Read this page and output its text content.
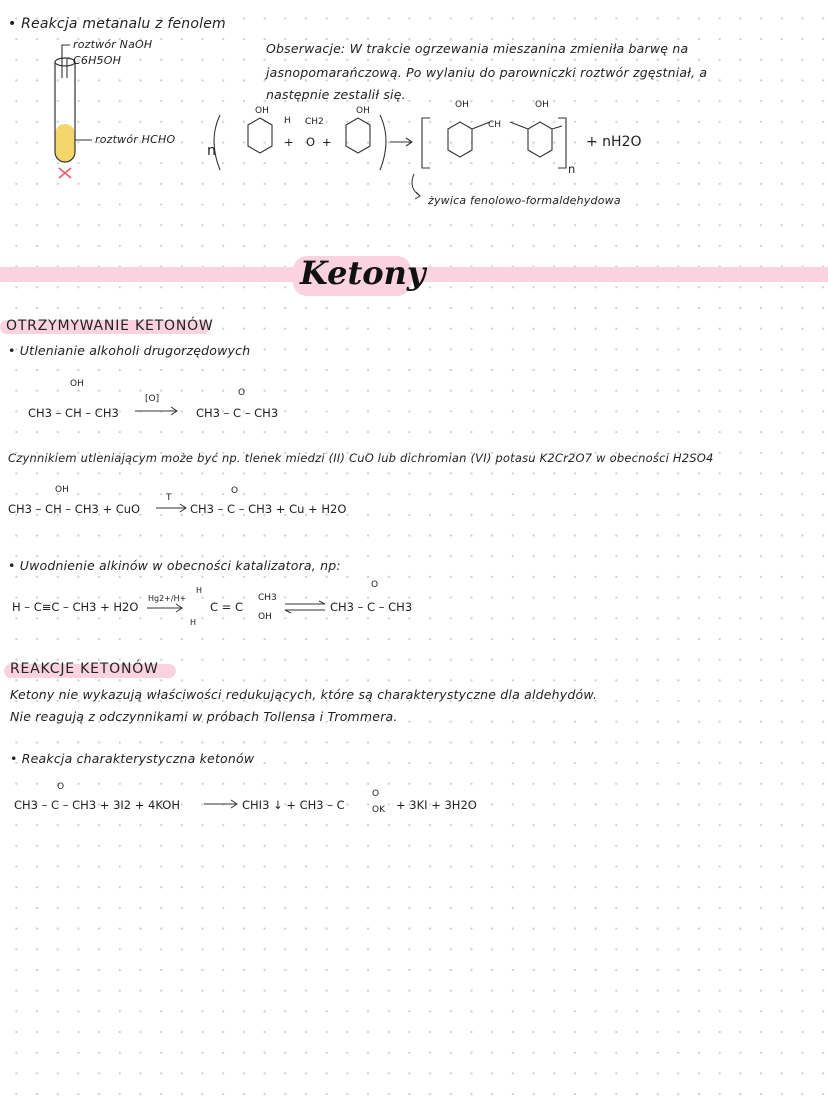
• Reakcja metanalu z fenolem
roztwór NaOH
C6H5OH
roztwór HCHO
Obserwacje: W trakcie ogrzewania mieszanina zmieniła barwę na
jasnopomarańczową. Po wylaniu do parowniczki roztwór zgęstniał, a
następnie zestalił się.
n
OH
H CH2
+ O +
OH
OH
CH
OH
n
+ nH2O
żywica fenolowo-formaldehydowa
Ketony
OTRZYMYWANIE KETONÓW
• Utlenianie alkoholi drugorzędowych
OH
CH3 – CH – CH3
[O]
O
CH3 – C – CH3
Czynnikiem utleniającym może być np. tlenek miedzi (II) CuO lub dichromian (VI) potasu K2Cr2O7 w obecności H2SO4
OH
CH3 – CH – CH3 + CuO
T
O
CH3 – C – CH3 + Cu + H2O
• Uwodnienie alkinów w obecności katalizatora, np:
H – C≡C – CH3 + H2O
Hg2+/H+
H
H
C = C
CH3
OH
O
CH3 – C – CH3
REAKCJE KETONÓW
Ketony nie wykazują właściwości redukujących, które są charakterystyczne dla aldehydów.
Nie reagują z odczynnikami w próbach Tollensa i Trommera.
• Reakcja charakterystyczna ketonów
O
CH3 – C – CH3 + 3I2 + 4KOH	CHI3 ↓ + CH3 – C
O
OK + 3KI + 3H2O
